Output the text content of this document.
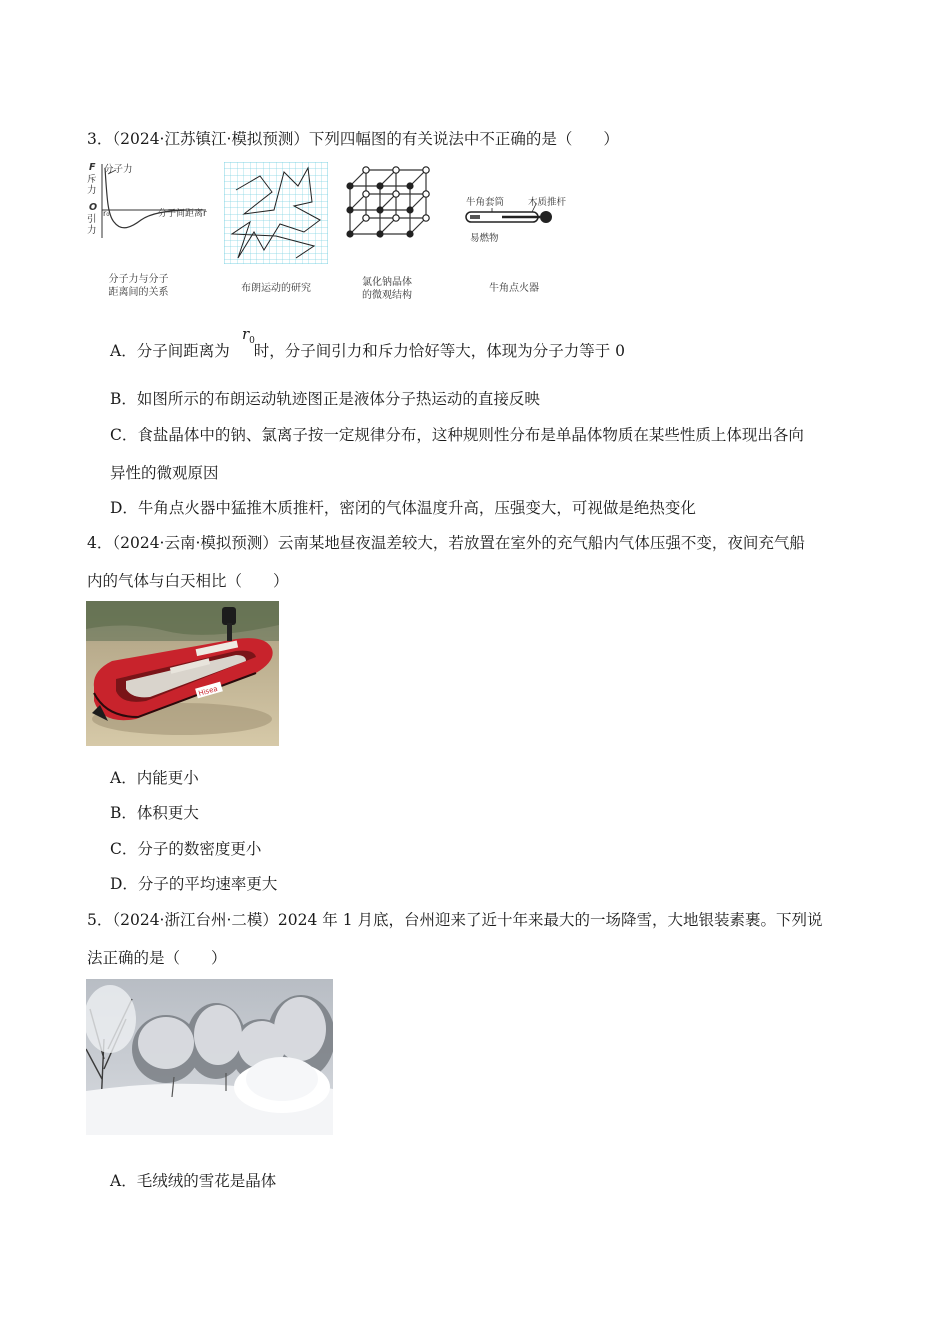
3．（2024·江苏镇江·模拟预测）下列四幅图的有关说法中不正确的是（　　）
F
斥力
O
引力
分子力
r₀	分子间距离r
分子力与分子
距离间的关系	布朗运动的研究
氯化钠晶体
的微观结构
牛角套筒	木质推杆
易燃物
牛角点火器
A．分子间距离为 时，分子间引力和斥力恰好等大，体现为分子力等于 0
$r_0$
B．如图所示的布朗运动轨迹图正是液体分子热运动的直接反映
C．食盐晶体中的钠、氯离子按一定规律分布，这种规则性分布是单晶体物质在某些性质上体现出各向
异性的微观原因
D．牛角点火器中猛推木质推杆，密闭的气体温度升高，压强变大，可视做是绝热变化
4．（2024·云南·模拟预测）云南某地昼夜温差较大，若放置在室外的充气船内气体压强不变，夜间充气船
内的气体与白天相比（　　）
Hisea
A．内能更小
B．体积更大
C．分子的数密度更小
D．分子的平均速率更大
5．（2024·浙江台州·二模）2024 年 1 月底，台州迎来了近十年来最大的一场降雪，大地银装素裹。下列说
法正确的是（　　）
A．毛绒绒的雪花是晶体
